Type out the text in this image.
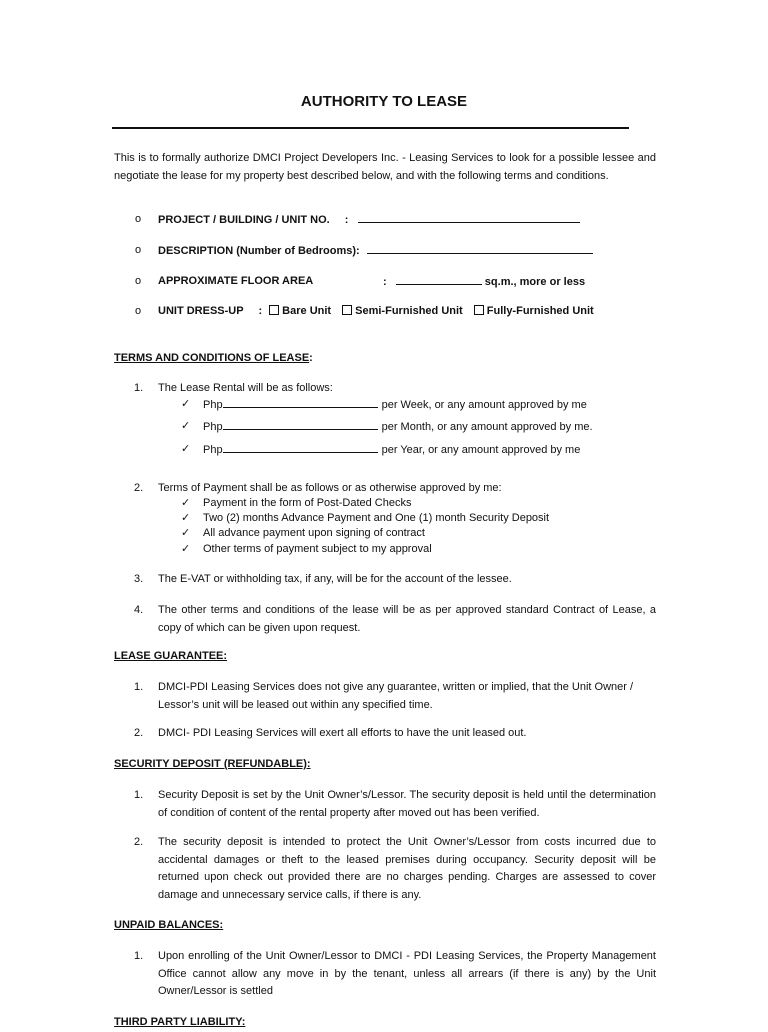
AUTHORITY TO LEASE
This is to formally authorize DMCI Project Developers Inc. - Leasing Services to look for a possible lessee and negotiate the lease for my property best described below, and with the following terms and conditions.
o PROJECT / BUILDING / UNIT NO. :
o DESCRIPTION (Number of Bedrooms):
o APPROXIMATE FLOOR AREA	:	sq.m., more or less
o UNIT DRESS-UP : Bare Unit Semi-Furnished Unit Fully-Furnished Unit
TERMS AND CONDITIONS OF LEASE:
1. The Lease Rental will be as follows:
✓ Php	per Week, or any amount approved by me
✓ Php	per Month, or any amount approved by me.
✓ Php	per Year, or any amount approved by me
2. Terms of Payment shall be as follows or as otherwise approved by me:
✓ Payment in the form of Post-Dated Checks
✓ Two (2) months Advance Payment and One (1) month Security Deposit
✓ All advance payment upon signing of contract
✓ Other terms of payment subject to my approval
3. The E-VAT or withholding tax, if any, will be for the account of the lessee.
4. The other terms and conditions of the lease will be as per approved standard Contract of Lease, a copy of which can be given upon request.
LEASE GUARANTEE:
1. DMCI-PDI Leasing Services does not give any guarantee, written or implied, that the Unit Owner / Lessor’s unit will be leased out within any specified time.
2. DMCI- PDI Leasing Services will exert all efforts to have the unit leased out.
SECURITY DEPOSIT (REFUNDABLE):
1. Security Deposit is set by the Unit Owner’s/Lessor. The security deposit is held until the determination of condition of content of the rental property after moved out has been verified.
2. The security deposit is intended to protect the Unit Owner’s/Lessor from costs incurred due to accidental damages or theft to the leased premises during occupancy. Security deposit will be returned upon check out provided there are no charges pending. Charges are assessed to cover damage and unnecessary service calls, if there is any.
UNPAID BALANCES:
1. Upon enrolling of the Unit Owner/Lessor to DMCI - PDI Leasing Services, the Property Management Office cannot allow any move in by the tenant, unless all arrears (if there is any) by the Unit Owner/Lessor is settled
THIRD PARTY LIABILITY:
